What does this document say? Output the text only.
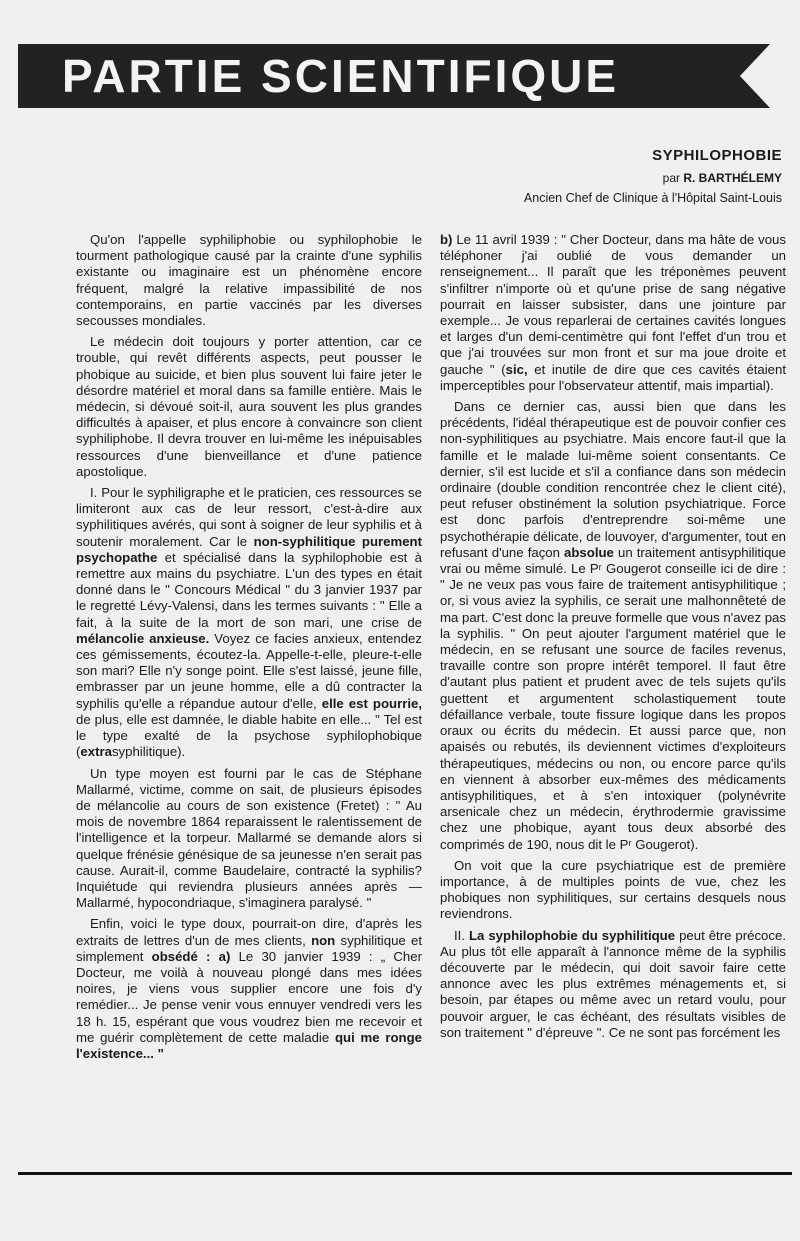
PARTIE SCIENTIFIQUE
SYPHILOPHOBIE
par R. BARTHÉLEMY
Ancien Chef de Clinique à l'Hôpital Saint-Louis

Qu'on l'appelle syphiliphobie ou syphilophobie le tourment pathologique causé par la crainte d'une syphilis existante ou imaginaire est un phénomène encore fréquent, malgré la relative impassibilité de nos contemporains, en partie vaccinés par les diverses secousses mondiales.

Le médecin doit toujours y porter attention, car ce trouble, qui revêt différents aspects, peut pousser le phobique au suicide, et bien plus souvent lui faire jeter le désordre matériel et moral dans sa famille entière. Mais le médecin, si dévoué soit-il, aura souvent les plus grandes difficultés à apaiser, et plus encore à convaincre son client syphiliphobe. Il devra trouver en lui-même les inépuisables ressources d'une bienveillance et d'une patience apostolique.

I. Pour le syphiligraphe et le praticien, ces ressources se limiteront aux cas de leur ressort, c'est-à-dire aux syphilitiques avérés, qui sont à soigner de leur syphilis et à soutenir moralement. Car le non-syphilitique purement psychopathe et spécialisé dans la syphilophobie est à remettre aux mains du psychiatre. L'un des types en était donné dans le " Concours Médical " du 3 janvier 1937 par le regretté Lévy-Valensi, dans les termes suivants : " Elle a fait, à la suite de la mort de son mari, une crise de mélancolie anxieuse. Voyez ce facies anxieux, entendez ces gémissements, écoutez-la. Appelle-t-elle, pleure-t-elle son mari? Elle n'y songe point. Elle s'est laissé, jeune fille, embrasser par un jeune homme, elle a dû contracter la syphilis qu'elle a répandue autour d'elle, elle est pourrie, de plus, elle est damnée, le diable habite en elle... " Tel est le type exalté de la psychose syphilophobique (extrasyphilitique).

Un type moyen est fourni par le cas de Stéphane Mallarmé, victime, comme on sait, de plusieurs épisodes de mélancolie au cours de son existence (Fretet) : " Au mois de novembre 1864 reparaissent le ralentissement de l'intelligence et la torpeur. Mallarmé se demande alors si quelque frénésie génésique de sa jeunesse n'en serait pas cause. Aurait-il, comme Baudelaire, contracté la syphilis? Inquiétude qui reviendra plusieurs années après — Mallarmé, hypocondriaque, s'imaginera paralysé. "

Enfin, voici le type doux, pourrait-on dire, d'après les extraits de lettres d'un de mes clients, non syphilitique et simplement obsédé : a) Le 30 janvier 1939 : „ Cher Docteur, me voilà à nouveau plongé dans mes idées noires, je viens vous supplier encore une fois d'y remédier... Je pense venir vous ennuyer vendredi vers les 18 h. 15, espérant que vous voudrez bien me recevoir et me guérir complètement de cette maladie qui me ronge l'existence... "

b) Le 11 avril 1939 : " Cher Docteur, dans ma hâte de vous téléphoner j'ai oublié de vous demander un renseignement... Il paraît que les tréponèmes peuvent s'infiltrer n'importe où et qu'une prise de sang négative pourrait en laisser subsister, dans une jointure par exemple... Je vous reparlerai de certaines cavités longues et larges d'un demi-centimètre qui font l'effet d'un trou et que j'ai trouvées sur mon front et sur ma joue droite et gauche " (sic, et inutile de dire que ces cavités étaient imperceptibles pour l'observateur attentif, mais impartial).

Dans ce dernier cas, aussi bien que dans les précédents, l'idéal thérapeutique est de pouvoir confier ces non-syphilitiques au psychiatre. Mais encore faut-il que la famille et le malade lui-même soient consentants. Ce dernier, s'il est lucide et s'il a confiance dans son médecin ordinaire (double condition rencontrée chez le client cité), peut refuser obstinément la solution psychiatrique. Force est donc parfois d'entreprendre soi-même une psychothérapie délicate, de louvoyer, d'argumenter, tout en refusant d'une façon absolue un traitement antisyphilitique vrai ou même simulé. Le Pʳ Gougerot conseille ici de dire : " Je ne veux pas vous faire de traitement antisyphilitique ; or, si vous aviez la syphilis, ce serait une malhonnêteté de ma part. C'est donc la preuve formelle que vous n'avez pas la syphilis. " On peut ajouter l'argument matériel que le médecin, en se refusant une source de faciles revenus, travaille contre son propre intérêt temporel. Il faut être d'autant plus patient et prudent avec de tels sujets qu'ils guettent et argumentent scholastiquement toute défaillance verbale, toute fissure logique dans les propos oraux ou écrits du médecin. Et aussi parce que, non apaisés ou rebutés, ils deviennent victimes d'exploiteurs thérapeutiques, médecins ou non, ou encore parce qu'ils en viennent à absorber eux-mêmes des médicaments antisyphilitiques, et à s'en intoxiquer (polynévrite arsenicale chez un médecin, érythrodermie gravissime chez une phobique, ayant tous deux absorbé des comprimés de 190, nous dit le Pʳ Gougerot).

On voit que la cure psychiatrique est de première importance, à de multiples points de vue, chez les phobiques non syphilitiques, sur certains desquels nous reviendrons.

II. La syphilophobie du syphilitique peut être précoce. Au plus tôt elle apparaît à l'annonce même de la syphilis découverte par le médecin, qui doit savoir faire cette annonce avec les plus extrêmes ménagements et, si besoin, par étapes ou même avec un retard voulu, pour pouvoir arguer, le cas échéant, des résultats visibles de son traitement " d'épreuve ". Ce ne sont pas forcément les
